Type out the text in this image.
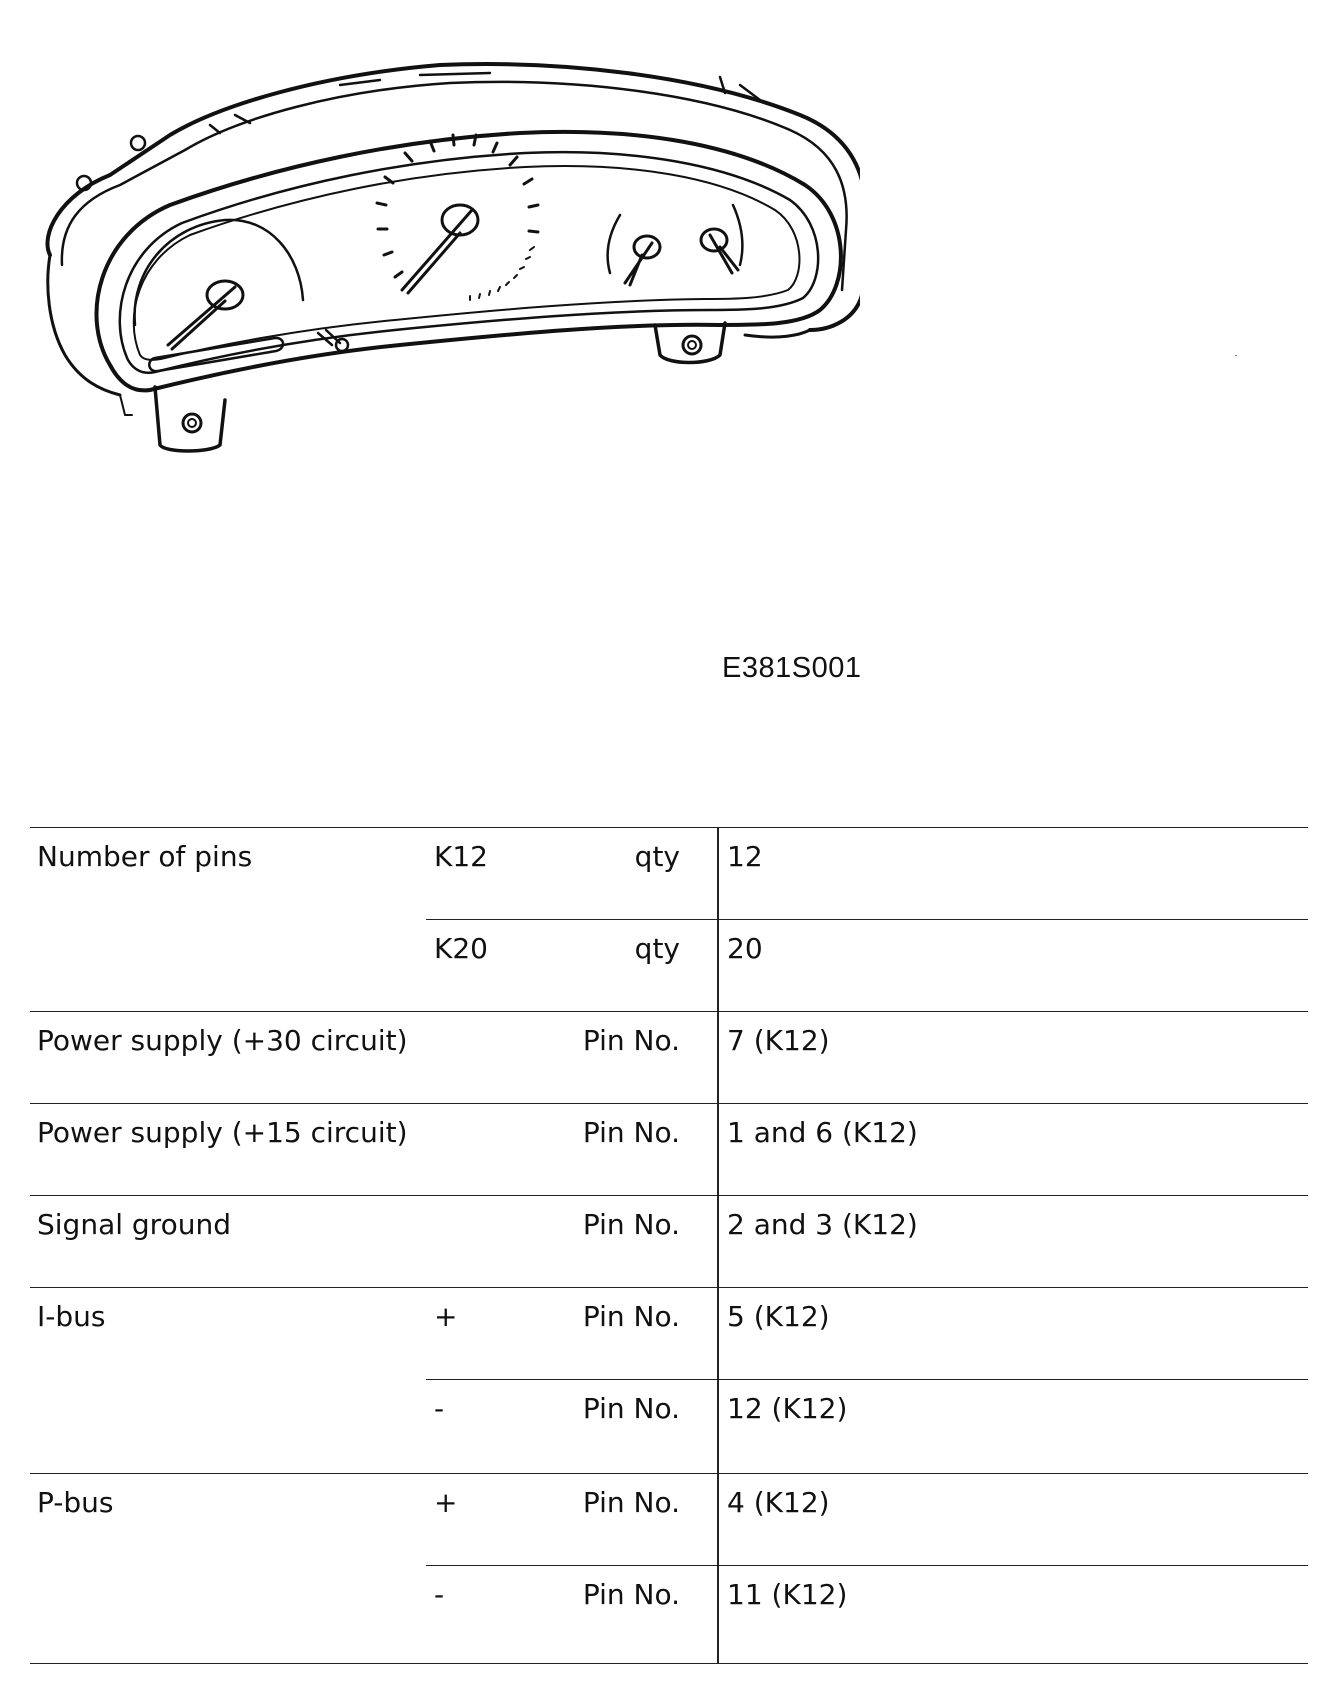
E381S001
Number of pins	K12	qty 12
K20	qty 20
Power supply (+30 circuit)	Pin No. 7 (K12)
Power supply (+15 circuit)	Pin No. 1 and 6 (K12)
Signal ground	Pin No. 2 and 3 (K12)
I-bus	+	Pin No. 5 (K12)
-	Pin No. 12 (K12)
P-bus	+	Pin No. 4 (K12)
-	Pin No. 11 (K12)
